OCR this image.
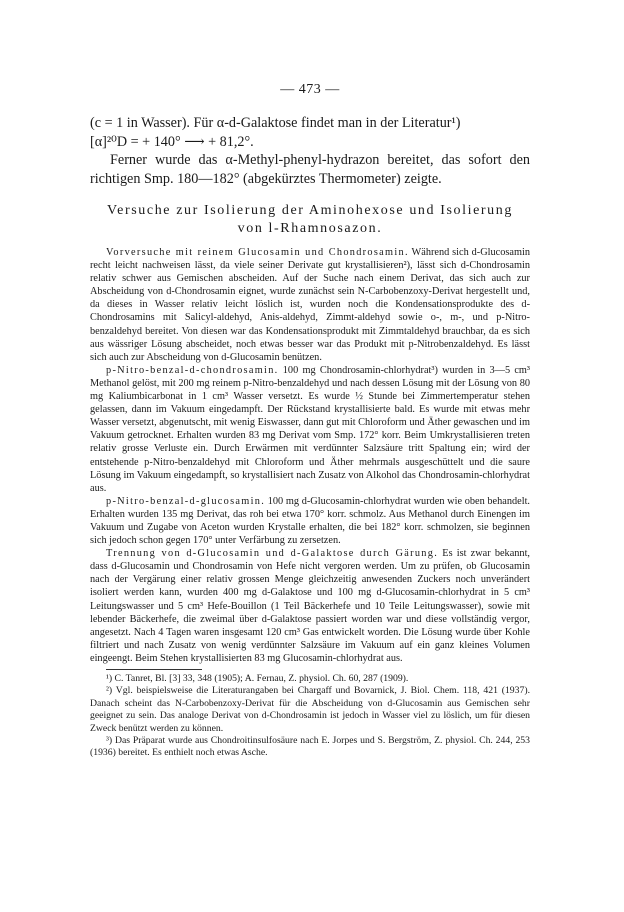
— 473 —

(c = 1 in Wasser). Für α-d-Galaktose findet man in der Literatur¹)

[α]²⁰D = + 140° ⟶ + 81,2°.

Ferner wurde das α-Methyl-phenyl-hydrazon bereitet, das sofort den richtigen Smp. 180—182° (abgekürztes Thermometer) zeigte.

Versuche zur Isolierung der Aminohexose und Isolierung
von l-Rhamnosazon.

Vorversuche mit reinem Glucosamin und Chondrosamin. Während sich d-Glucosamin recht leicht nachweisen lässt, da viele seiner Derivate gut krystallisieren²), lässt sich d-Chondrosamin relativ schwer aus Gemischen abscheiden. Auf der Suche nach einem Derivat, das sich auch zur Abscheidung von d-Chondrosamin eignet, wurde zunächst sein N-Carbobenzoxy-Derivat hergestellt und, da dieses in Wasser relativ leicht löslich ist, wurden noch die Kondensationsprodukte des d-Chondrosamins mit Salicyl-aldehyd, Anis-aldehyd, Zimmt-aldehyd sowie o-, m-, und p-Nitro-benzaldehyd bereitet. Von diesen war das Kondensationsprodukt mit Zimmtaldehyd brauchbar, da es sich aus wässriger Lösung abscheidet, noch etwas besser war das Produkt mit p-Nitrobenzaldehyd. Es lässt sich auch zur Abscheidung von d-Glucosamin benützen.

p-Nitro-benzal-d-chondrosamin. 100 mg Chondrosamin-chlorhydrat³) wurden in 3—5 cm³ Methanol gelöst, mit 200 mg reinem p-Nitro-benzaldehyd und nach dessen Lösung mit der Lösung von 80 mg Kaliumbicarbonat in 1 cm³ Wasser versetzt. Es wurde ½ Stunde bei Zimmertemperatur stehen gelassen, dann im Vakuum eingedampft. Der Rückstand krystallisierte bald. Es wurde mit etwas mehr Wasser versetzt, abgenutscht, mit wenig Eiswasser, dann gut mit Chloroform und Äther gewaschen und im Vakuum getrocknet. Erhalten wurden 83 mg Derivat vom Smp. 172° korr. Beim Umkrystallisieren treten relativ grosse Verluste ein. Durch Erwärmen mit verdünnter Salzsäure tritt Spaltung ein; wird der entstehende p-Nitro-benzaldehyd mit Chloroform und Äther mehrmals ausgeschüttelt und die saure Lösung im Vakuum eingedampft, so krystallisiert nach Zusatz von Alkohol das Chondrosamin-chlorhydrat aus.

p-Nitro-benzal-d-glucosamin. 100 mg d-Glucosamin-chlorhydrat wurden wie oben behandelt. Erhalten wurden 135 mg Derivat, das roh bei etwa 170° korr. schmolz. Aus Methanol durch Einengen im Vakuum und Zugabe von Aceton wurden Krystalle erhalten, die bei 182° korr. schmolzen, sie beginnen sich jedoch schon gegen 170° unter Verfärbung zu zersetzen.

Trennung von d-Glucosamin und d-Galaktose durch Gärung. Es ist zwar bekannt, dass d-Glucosamin und Chondrosamin von Hefe nicht vergoren werden. Um zu prüfen, ob Glucosamin nach der Vergärung einer relativ grossen Menge gleichzeitig anwesenden Zuckers noch unverändert isoliert werden kann, wurden 400 mg d-Galaktose und 100 mg d-Glucosamin-chlorhydrat in 5 cm³ Leitungswasser und 5 cm³ Hefe-Bouillon (1 Teil Bäckerhefe und 10 Teile Leitungswasser), sowie mit lebender Bäckerhefe, die zweimal über d-Galaktose passiert worden war und diese vollständig vergor, angesetzt. Nach 4 Tagen waren insgesamt 120 cm³ Gas entwickelt worden. Die Lösung wurde über Kohle filtriert und nach Zusatz von wenig verdünnter Salzsäure im Vakuum auf ein ganz kleines Volumen eingeengt. Beim Stehen krystallisierten 83 mg Glucosamin-chlorhydrat aus.

¹) C. Tanret, Bl. [3] 33, 348 (1905); A. Fernau, Z. physiol. Ch. 60, 287 (1909).

²) Vgl. beispielsweise die Literaturangaben bei Chargaff und Bovarnick, J. Biol. Chem. 118, 421 (1937). Danach scheint das N-Carbobenzoxy-Derivat für die Abscheidung von d-Glucosamin aus Gemischen sehr geeignet zu sein. Das analoge Derivat von d-Chondrosamin ist jedoch in Wasser viel zu löslich, um für diesen Zweck benützt werden zu können.

³) Das Präparat wurde aus Chondroitinsulfosäure nach E. Jorpes und S. Bergström, Z. physiol. Ch. 244, 253 (1936) bereitet. Es enthielt noch etwas Asche.
